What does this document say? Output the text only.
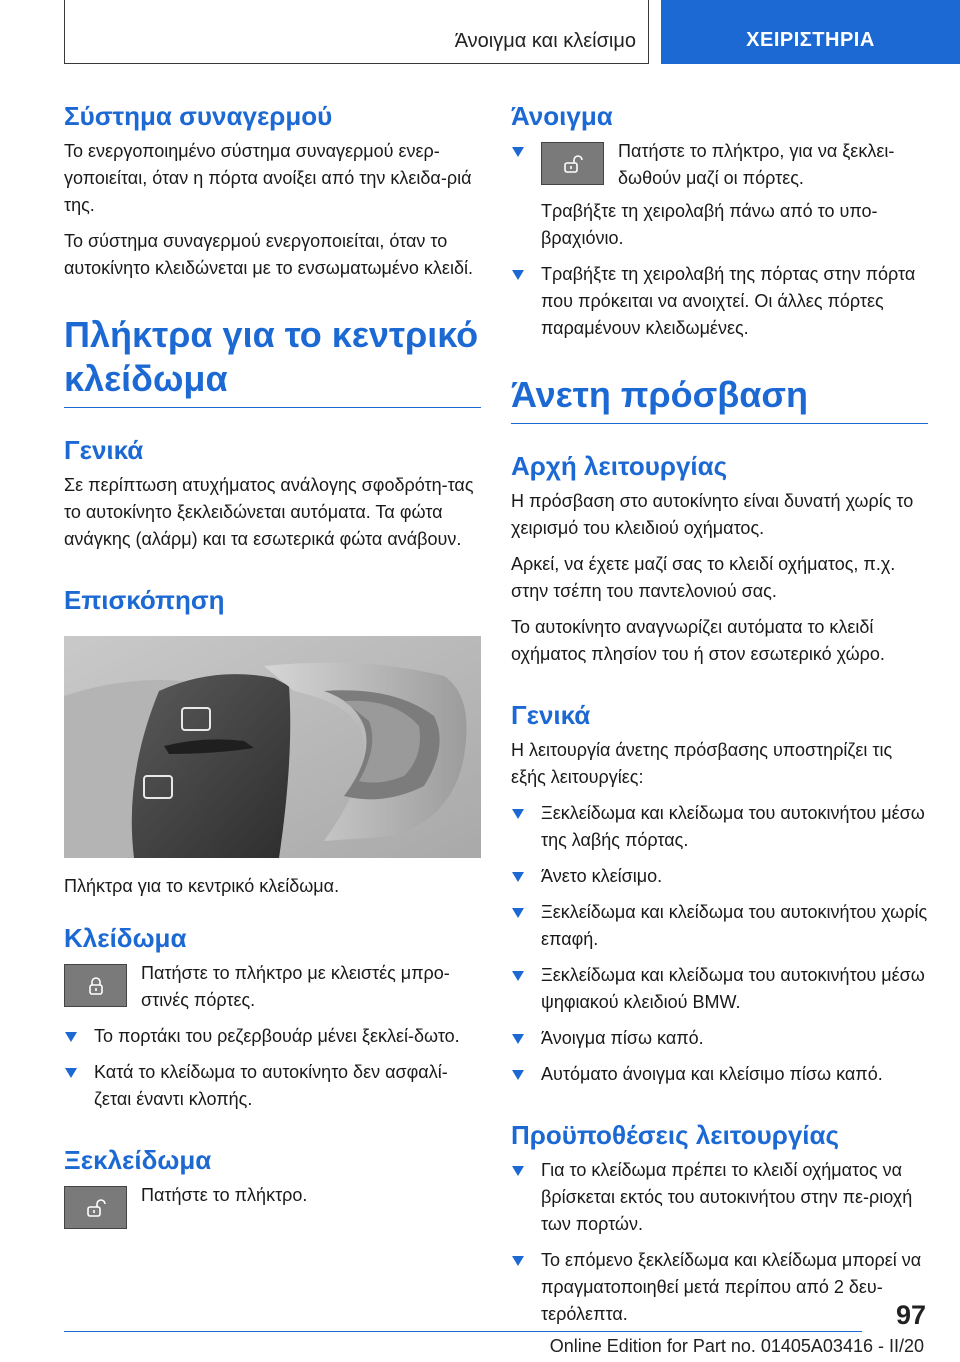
Άνοιγμα και κλείσιμο	ΧΕΙΡΙΣΤΗΡΙΑ
Σύστημα συναγερμού

Το ενεργοποιημένο σύστημα συναγερμού ενερ-γοποιείται, όταν η πόρτα ανοίξει από την κλειδα-ριά της.

Το σύστημα συναγερμού ενεργοποιείται, όταν το αυτοκίνητο κλειδώνεται με το ενσωματωμένο κλειδί.

Πλήκτρα για το κεντρικό κλείδωμα
Γενικά

Σε περίπτωση ατυχήματος ανάλογης σφοδρότη-τας το αυτοκίνητο ξεκλειδώνεται αυτόματα. Τα φώτα ανάγκης (αλάρμ) και τα εσωτερικά φώτα ανάβουν.

Επισκόπηση

Πλήκτρα για το κεντρικό κλείδωμα.

Κλείδωμα
Πατήστε το πλήκτρο με κλειστές μπρο-στινές πόρτες.
Το πορτάκι του ρεζερβουάρ μένει ξεκλεί-δωτο.
Κατά το κλείδωμα το αυτοκίνητο δεν ασφαλί-ζεται έναντι κλοπής.
Ξεκλείδωμα
Πατήστε το πλήκτρο.
Άνοιγμα
Πατήστε το πλήκτρο, για να ξεκλει-δωθούν μαζί οι πόρτες.

Τραβήξτε τη χειρολαβή πάνω από το υπο-βραχιόνιο.

Τραβήξτε τη χειρολαβή της πόρτας στην πόρτα που πρόκειται να ανοιχτεί. Οι άλλες πόρτες παραμένουν κλειδωμένες.
Άνετη πρόσβαση
Αρχή λειτουργίας

Η πρόσβαση στο αυτοκίνητο είναι δυνατή χωρίς το χειρισμό του κλειδιού οχήματος.

Αρκεί, να έχετε μαζί σας το κλειδί οχήματος, π.χ. στην τσέπη του παντελονιού σας.

Το αυτοκίνητο αναγνωρίζει αυτόματα το κλειδί οχήματος πλησίον του ή στον εσωτερικό χώρο.

Γενικά

Η λειτουργία άνετης πρόσβασης υποστηρίζει τις εξής λειτουργίες:

Ξεκλείδωμα και κλείδωμα του αυτοκινήτου μέσω της λαβής πόρτας.
Άνετο κλείσιμο.
Ξεκλείδωμα και κλείδωμα του αυτοκινήτου χωρίς επαφή.
Ξεκλείδωμα και κλείδωμα του αυτοκινήτου μέσω ψηφιακού κλειδιού BMW.
Άνοιγμα πίσω καπό.
Αυτόματο άνοιγμα και κλείσιμο πίσω καπό.
Προϋποθέσεις λειτουργίας
Για το κλείδωμα πρέπει το κλειδί οχήματος να βρίσκεται εκτός του αυτοκινήτου στην πε-ριοχή των πορτών.
Το επόμενο ξεκλείδωμα και κλείδωμα μπορεί να πραγματοποιηθεί μετά περίπου από 2 δευ-τερόλεπτα.	97
Online Edition for Part no. 01405A03416 - II/20
